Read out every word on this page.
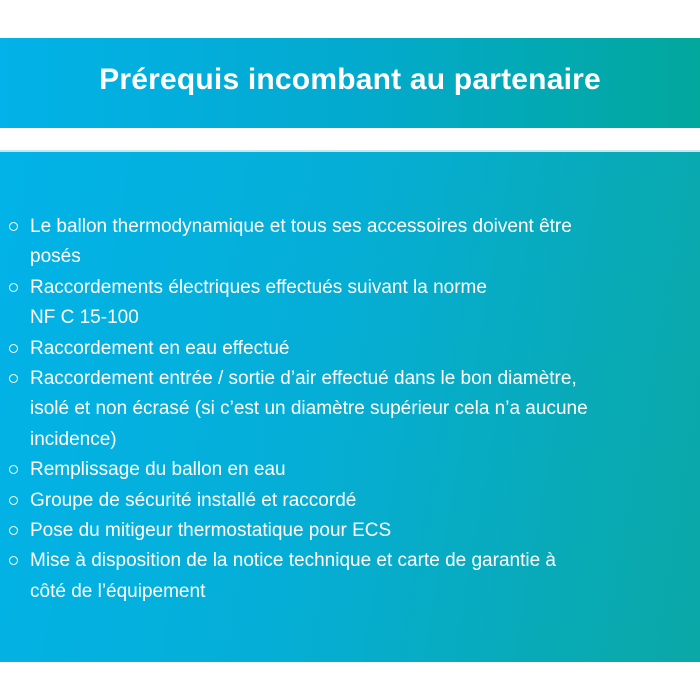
Prérequis incombant au partenaire
Le ballon thermodynamique et tous ses accessoires doivent être
posés
Raccordements électriques effectués suivant la norme
NF C 15-100
Raccordement en eau effectué
Raccordement entrée / sortie d’air effectué dans le bon diamètre,
isolé et non écrasé (si c’est un diamètre supérieur cela n’a aucune
incidence)
Remplissage du ballon en eau
Groupe de sécurité installé et raccordé
Pose du mitigeur thermostatique pour ECS
Mise à disposition de la notice technique et carte de garantie à
côté de l’équipement
